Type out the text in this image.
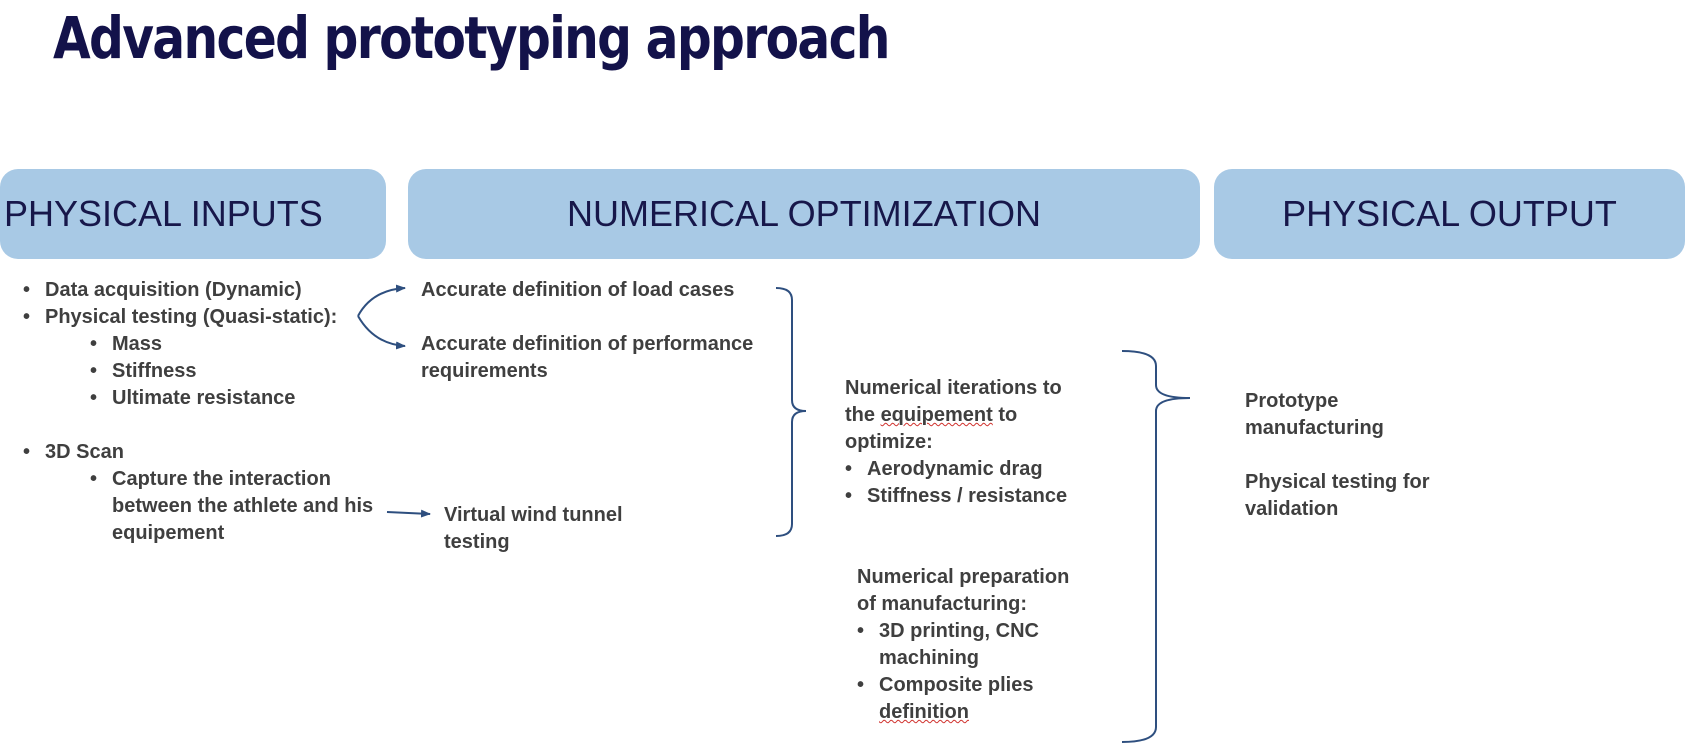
Advanced prototyping approach
PHYSICAL INPUTS	NUMERICAL OPTIMIZATION	PHYSICAL OUTPUT
• Data acquisition (Dynamic)
• Physical testing (Quasi-static):
• Mass
• Stiffness
• Ultimate resistance
• 3D Scan
• Capture the interaction
between the athlete and his
equipement
Accurate definition of load cases
Accurate definition of performance
requirements
Virtual wind tunnel
testing
Numerical iterations to
the equipement to
optimize:
• Aerodynamic drag
• Stiffness / resistance
Numerical preparation
of manufacturing:
• 3D printing, CNC
machining
• Composite plies
definition
Prototype
manufacturing
Physical testing for
validation
